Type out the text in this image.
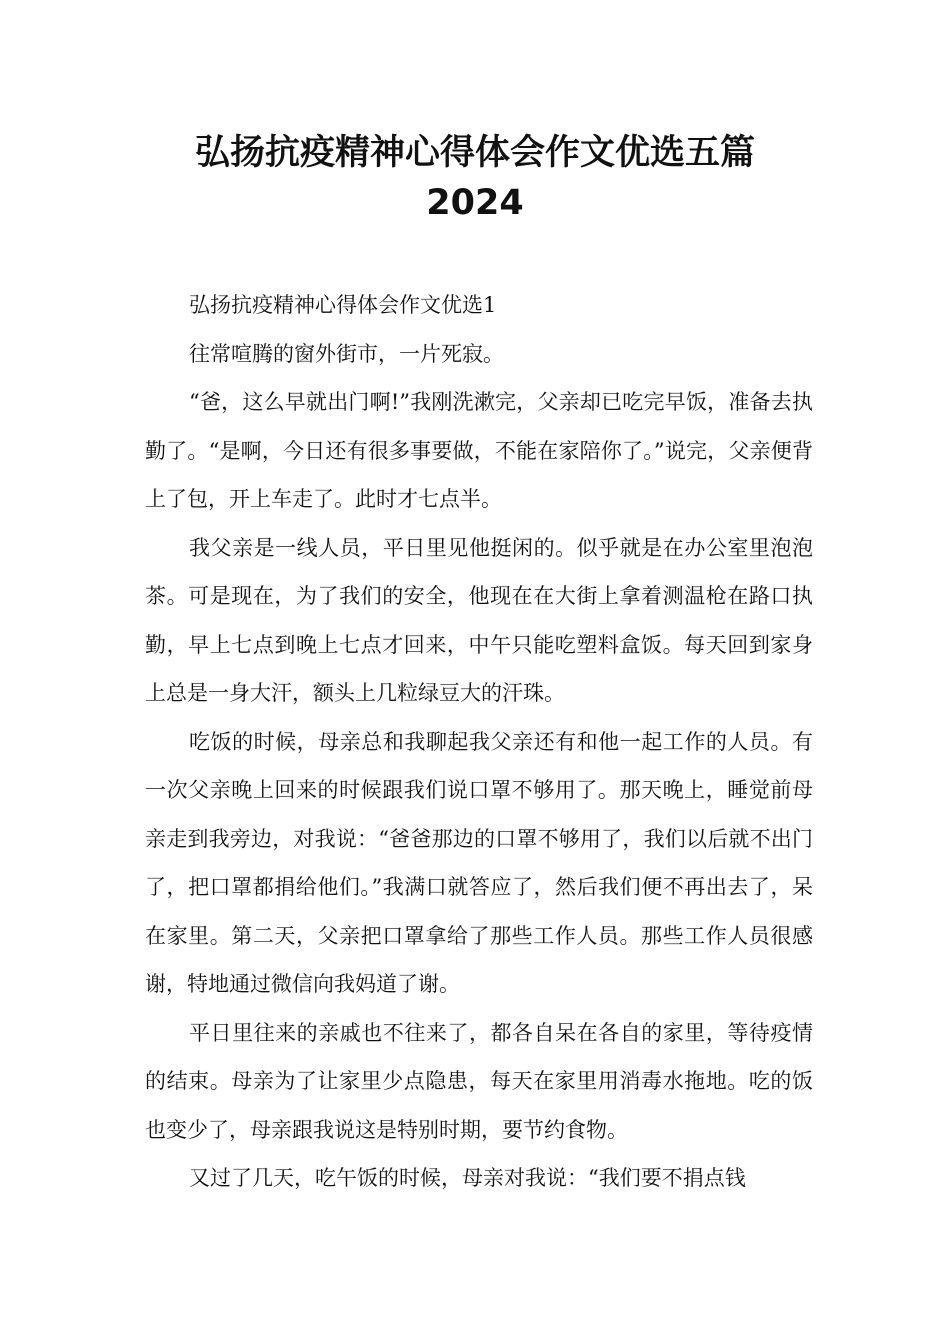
弘扬抗疫精神心得体会作文优选五篇
2024

弘扬抗疫精神心得体会作文优选1

往常喧腾的窗外街市，一片死寂。

“爸，这么早就出门啊!”我刚洗漱完，父亲却已吃完早饭，准备去执勤了。“是啊，今日还有很多事要做，不能在家陪你了。”说完，父亲便背上了包，开上车走了。此时才七点半。

我父亲是一线人员，平日里见他挺闲的。似乎就是在办公室里泡泡茶。可是现在，为了我们的安全，他现在在大街上拿着测温枪在路口执勤，早上七点到晚上七点才回来，中午只能吃塑料盒饭。每天回到家身上总是一身大汗，额头上几粒绿豆大的汗珠。

吃饭的时候，母亲总和我聊起我父亲还有和他一起工作的人员。有一次父亲晚上回来的时候跟我们说口罩不够用了。那天晚上，睡觉前母亲走到我旁边，对我说：“爸爸那边的口罩不够用了，我们以后就不出门了，把口罩都捐给他们。”我满口就答应了，然后我们便不再出去了，呆在家里。第二天，父亲把口罩拿给了那些工作人员。那些工作人员很感谢，特地通过微信向我妈道了谢。

平日里往来的亲戚也不往来了，都各自呆在各自的家里，等待疫情的结束。母亲为了让家里少点隐患，每天在家里用消毒水拖地。吃的饭也变少了，母亲跟我说这是特别时期，要节约食物。

又过了几天，吃午饭的时候，母亲对我说：“我们要不捐点钱
